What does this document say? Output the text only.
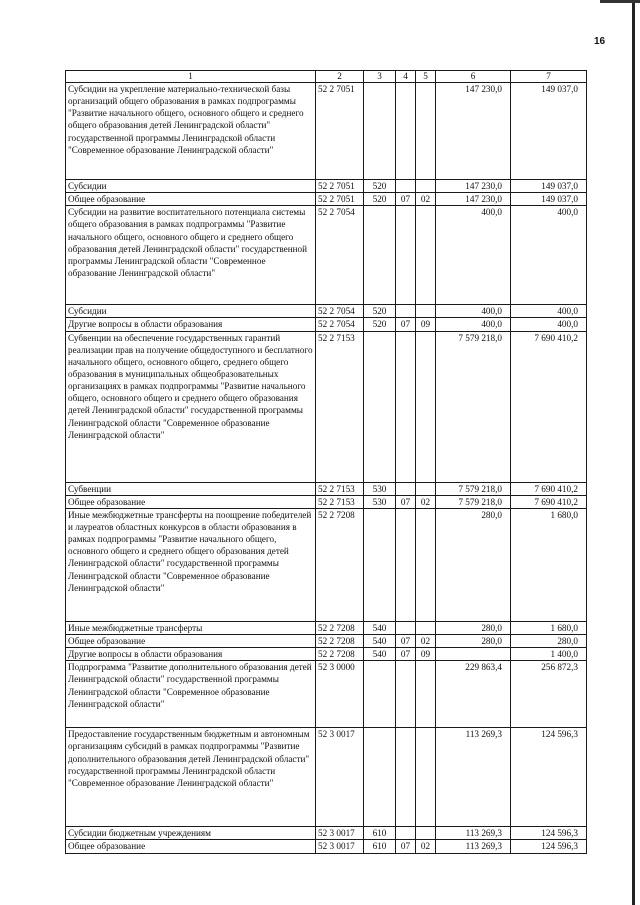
16
1	2	3	4	5	6	7
Субсидии на укрепление материально-технической базы организаций общего образования в рамках подпрограммы "Развитие начального общего, основного общего и среднего общего образования детей Ленинградской области" государственной программы Ленинградской области "Современное образование Ленинградской области"	52 2 7051				147 230,0	149 037,0
Субсидии	52 2 7051	520			147 230,0	149 037,0
Общее образование	52 2 7051	520	07	02	147 230,0	149 037,0
Субсидии на развитие воспитательного потенциала системы общего образования в рамках подпрограммы "Развитие начального общего, основного общего и среднего общего образования детей Ленинградской области" государственной программы Ленинградской области "Современное образование Ленинградской области"	52 2 7054				400,0	400,0
Субсидии	52 2 7054	520			400,0	400,0
Другие вопросы в области образования	52 2 7054	520	07	09	400,0	400,0
Субвенции на обеспечение государственных гарантий реализации прав на получение общедоступного и бесплатного начального общего, основного общего, среднего общего образования в муниципальных общеобразовательных организациях в рамках подпрограммы "Развитие начального общего, основного общего и среднего общего образования детей Ленинградской области" государственной программы Ленинградской области "Современное образование Ленинградской области"	52 2 7153				7 579 218,0	7 690 410,2
Субвенции	52 2 7153	530			7 579 218,0	7 690 410,2
Общее образование	52 2 7153	530	07	02	7 579 218,0	7 690 410,2
Иные межбюджетные трансферты на поощрение победителей и лауреатов областных конкурсов в области образования в рамках подпрограммы "Развитие начального общего, основного общего и среднего общего образования детей Ленинградской области" государственной программы Ленинградской области "Современное образование Ленинградской области"	52 2 7208				280,0	1 680,0
Иные межбюджетные трансферты	52 2 7208	540			280,0	1 680,0
Общее образование	52 2 7208	540	07	02	280,0	280,0
Другие вопросы в области образования	52 2 7208	540	07	09		1 400,0
Подпрограмма "Развитие дополнительного образования детей Ленинградской области" государственной программы Ленинградской области "Современное образование Ленинградской области"	52 3 0000				229 863,4	256 872,3
Предоставление государственным бюджетным и автономным организациям субсидий в рамках подпрограммы "Развитие дополнительного образования детей Ленинградской области" государственной программы Ленинградской области "Современное образование Ленинградской области"	52 3 0017				113 269,3	124 596,3
Субсидии бюджетным учреждениям	52 3 0017	610			113 269,3	124 596,3
Общее образование	52 3 0017	610	07	02	113 269,3	124 596,3
